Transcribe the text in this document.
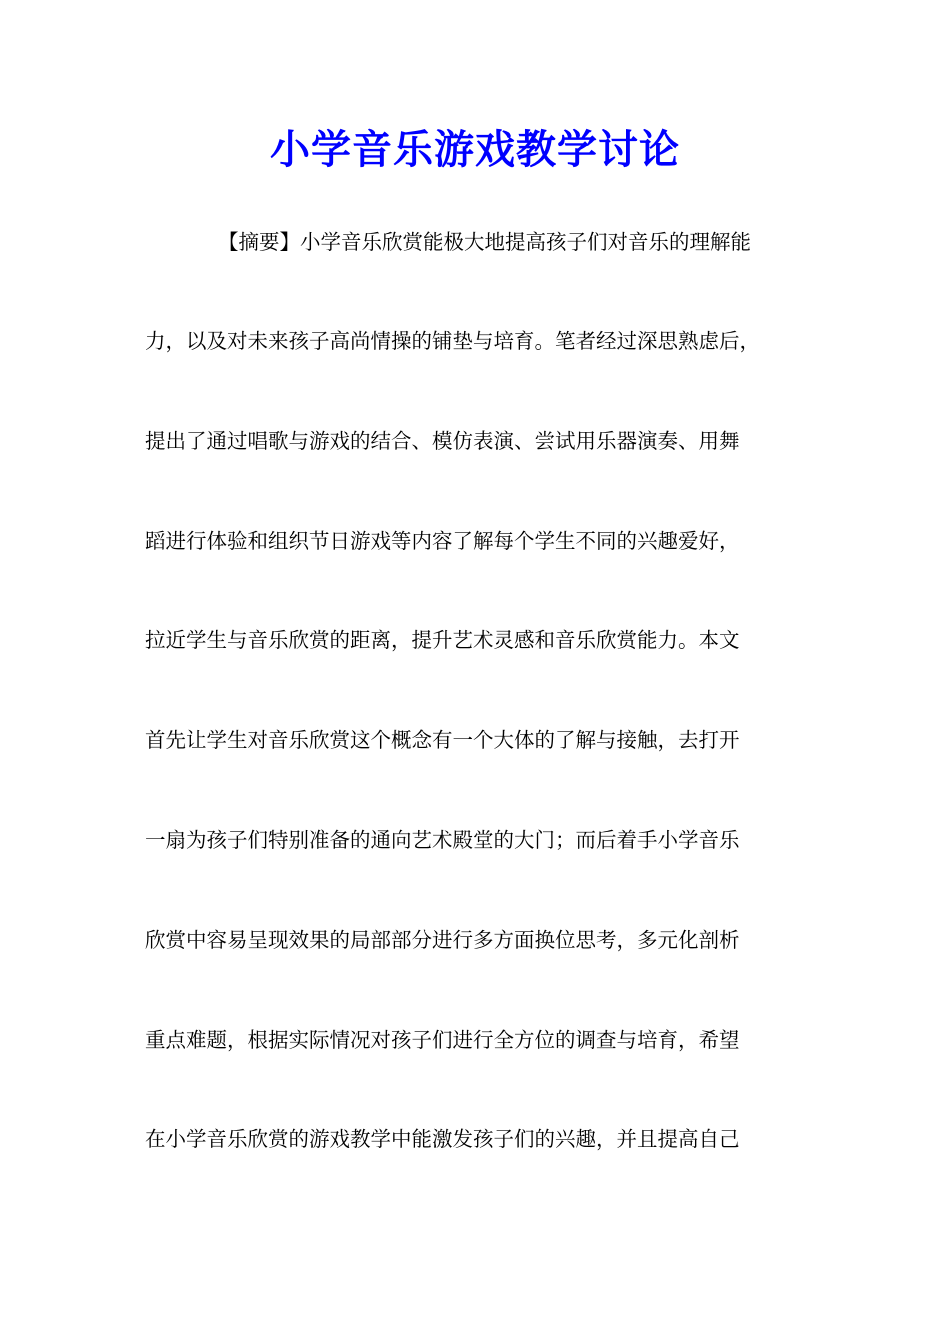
小学音乐游戏教学讨论
【摘要】小学音乐欣赏能极大地提高孩子们对音乐的理解能
力，以及对未来孩子高尚情操的铺垫与培育。笔者经过深思熟虑后，
提出了通过唱歌与游戏的结合、模仿表演、尝试用乐器演奏、用舞
蹈进行体验和组织节日游戏等内容了解每个学生不同的兴趣爱好，
拉近学生与音乐欣赏的距离，提升艺术灵感和音乐欣赏能力。本文
首先让学生对音乐欣赏这个概念有一个大体的了解与接触，去打开
一扇为孩子们特别准备的通向艺术殿堂的大门；而后着手小学音乐
欣赏中容易呈现效果的局部部分进行多方面换位思考，多元化剖析
重点难题，根据实际情况对孩子们进行全方位的调查与培育，希望
在小学音乐欣赏的游戏教学中能激发孩子们的兴趣，并且提高自己
